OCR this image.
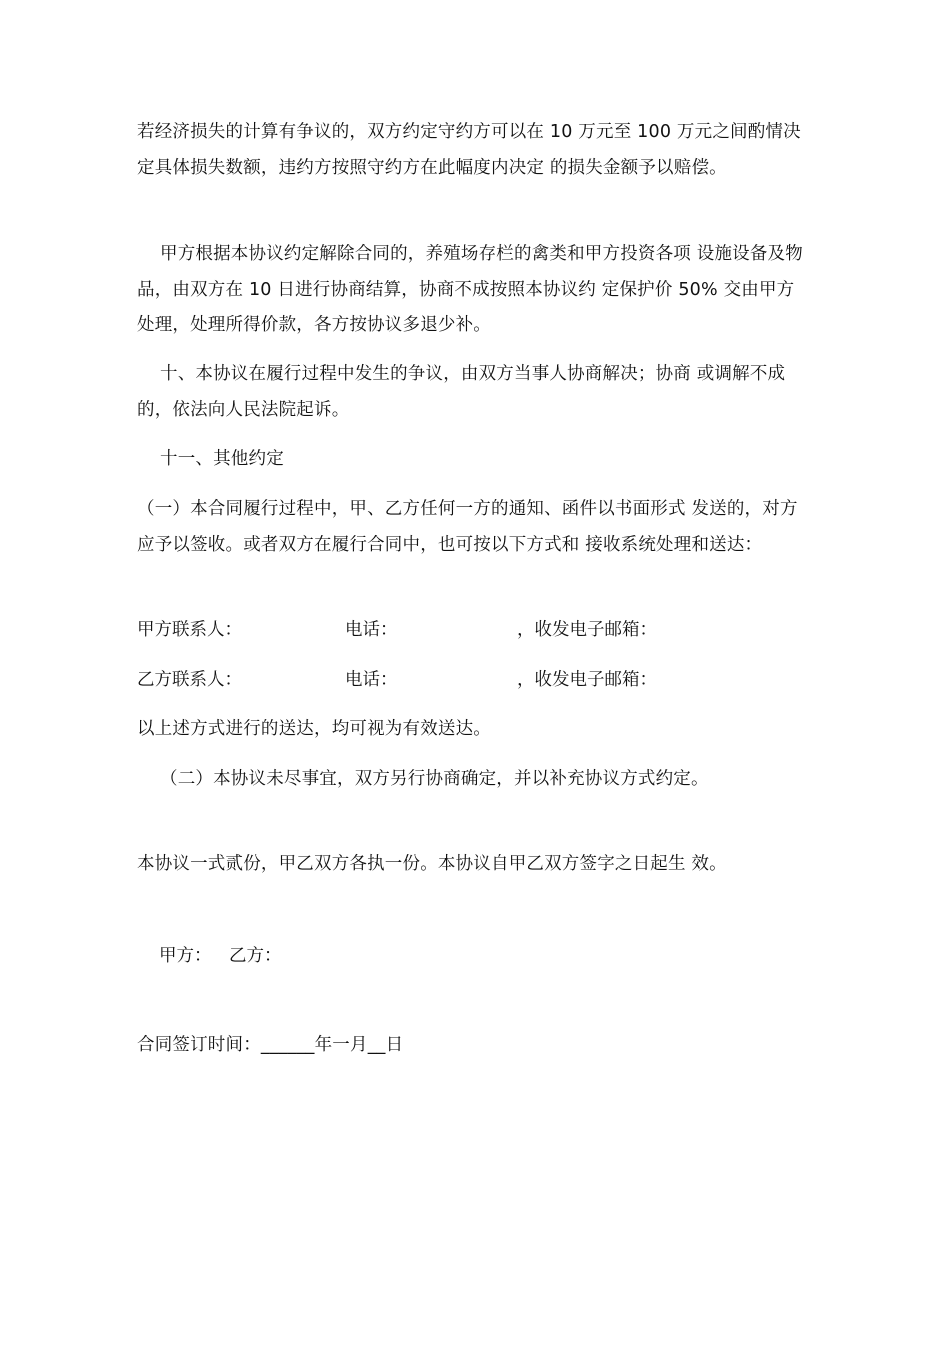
若经济损失的计算有争议的，双方约定守约方可以在 10 万元至 100 万元之间酌情决定具体损失数额，违约方按照守约方在此幅度内决定 的损失金额予以赔偿。

甲方根据本协议约定解除合同的，养殖场存栏的禽类和甲方投资各项 设施设备及物品，由双方在 10 日进行协商结算，协商不成按照本协议约 定保护价 50% 交由甲方处理，处理所得价款，各方按协议多退少补。

十、本协议在履行过程中发生的争议，由双方当事人协商解决；协商 或调解不成的，依法向人民法院起诉。

十一、其他约定

（一）本合同履行过程中，甲、乙方任何一方的通知、函件以书面形式 发送的，对方应予以签收。或者双方在履行合同中，也可按以下方式和 接收系统处理和送达：

甲方联系人：	电话：	，收发电子邮箱：
乙方联系人：	电话：	，收发电子邮箱：

以上述方式进行的送达，均可视为有效送达。

（二）本协议未尽事宜，双方另行协商确定，并以补充协议方式约定。

本协议一式贰份，甲乙双方各执一份。本协议自甲乙双方签字之日起生 效。

甲方： 乙方：

合同签订时间：______年一月__日
